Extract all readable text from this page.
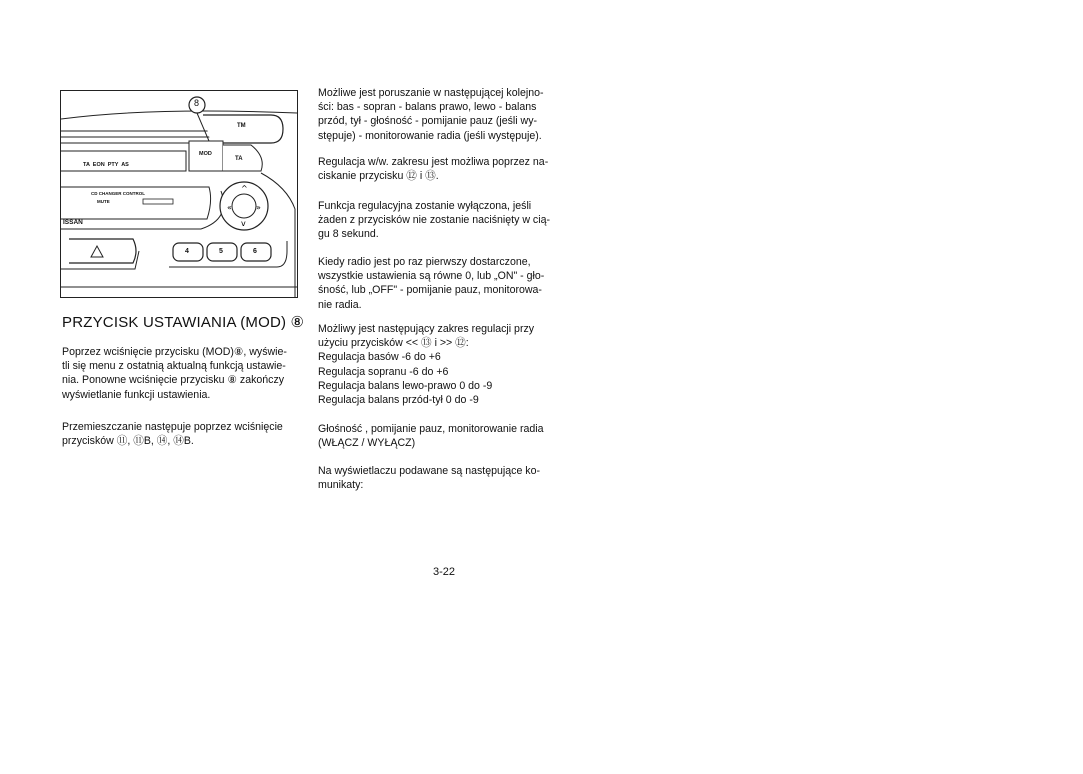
^
v
«	»
8
TM
MOD
TA
TA  EON  PTY  AS
CD CHANGER CONTROL
MUTE
ISSAN
4	5	6
PRZYCISK USTAWIANIA (MOD) ⑧
Poprzez wciśnięcie przycisku (MOD)⑧, wyświe-
tli się menu z ostatnią aktualną funkcją ustawie-
nia. Ponowne wciśnięcie przycisku ⑧ zakończy
wyświetlanie funkcji ustawienia.
Przemieszczanie następuje poprzez wciśnięcie
przycisków ⑪, ⑪B, ⑭, ⑭B.
Możliwe jest poruszanie w następującej kolejno-
ści: bas - sopran - balans prawo, lewo - balans
przód, tył - głośność - pomijanie pauz (jeśli wy-
stępuje) - monitorowanie radia (jeśli występuje).
Regulacja w/w. zakresu jest możliwa poprzez na-
ciskanie przycisku ⑫ i ⑬.
Funkcja regulacyjna zostanie wyłączona, jeśli
żaden z przycisków nie zostanie naciśnięty w cią-
gu 8 sekund.
Kiedy radio jest po raz pierwszy dostarczone,
wszystkie ustawienia są równe 0, lub „ON" - gło-
śność, lub „OFF" - pomijanie pauz, monitorowa-
nie radia.
Możliwy jest następujący zakres regulacji przy
użyciu przycisków << ⑬ i >> ⑫:
Regulacja basów -6 do +6
Regulacja sopranu -6 do +6
Regulacja balans lewo-prawo 0 do -9
Regulacja balans przód-tył 0 do -9
Głośność , pomijanie pauz, monitorowanie radia
(WŁĄCZ / WYŁĄCZ)
Na wyświetlaczu podawane są następujące ko-
munikaty:
3-22
